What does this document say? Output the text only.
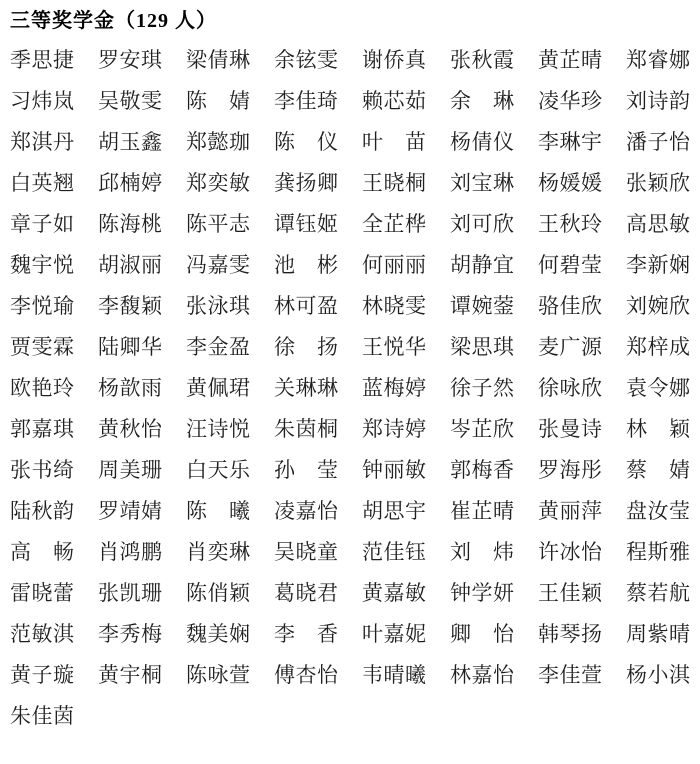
三等奖学金（129 人）
季思捷 罗安琪 梁倩琳 余铉雯 谢侨真 张秋霞 黄芷晴 郑睿娜
习炜岚 吴敬雯 陈婧 李佳琦 赖芯茹 余琳 凌华珍 刘诗韵
郑淇丹 胡玉鑫 郑懿珈 陈仪 叶苗 杨倩仪 李琳宇 潘子怡
白英翘 邱楠婷 郑奕敏 龚扬卿 王晓桐 刘宝琳 杨媛媛 张颖欣
章子如 陈海桃 陈平志 谭钰姬 全芷桦 刘可欣 王秋玲 高思敏
魏宇悦 胡淑丽 冯嘉雯 池彬 何丽丽 胡静宜 何碧莹 李新娴
李悦瑜 李馥颖 张泳琪 林可盈 林晓雯 谭婉蓥 骆佳欣 刘婉欣
贾雯霖 陆卿华 李金盈 徐扬 王悦华 梁思琪 麦广源 郑梓成
欧艳玲 杨歆雨 黄佩珺 关琳琳 蓝梅婷 徐子然 徐咏欣 袁令娜
郭嘉琪 黄秋怡 汪诗悦 朱茵桐 郑诗婷 岑芷欣 张曼诗 林颖
张书绮 周美珊 白天乐 孙莹 钟丽敏 郭梅香 罗海彤 蔡婧
陆秋韵 罗靖婧 陈曦 凌嘉怡 胡思宇 崔芷晴 黄丽萍 盘汝莹
高畅 肖鸿鹏 肖奕琳 吴晓童 范佳钰 刘炜 许冰怡 程斯雅
雷晓蕾 张凯珊 陈俏颖 葛晓君 黄嘉敏 钟学妍 王佳颖 蔡若航
范敏淇 李秀梅 魏美娴 李香 叶嘉妮 卿怡 韩琴扬 周紫晴
黄子璇 黄宇桐 陈咏萱 傅杏怡 韦晴曦 林嘉怡 李佳萱 杨小淇
朱佳茵
